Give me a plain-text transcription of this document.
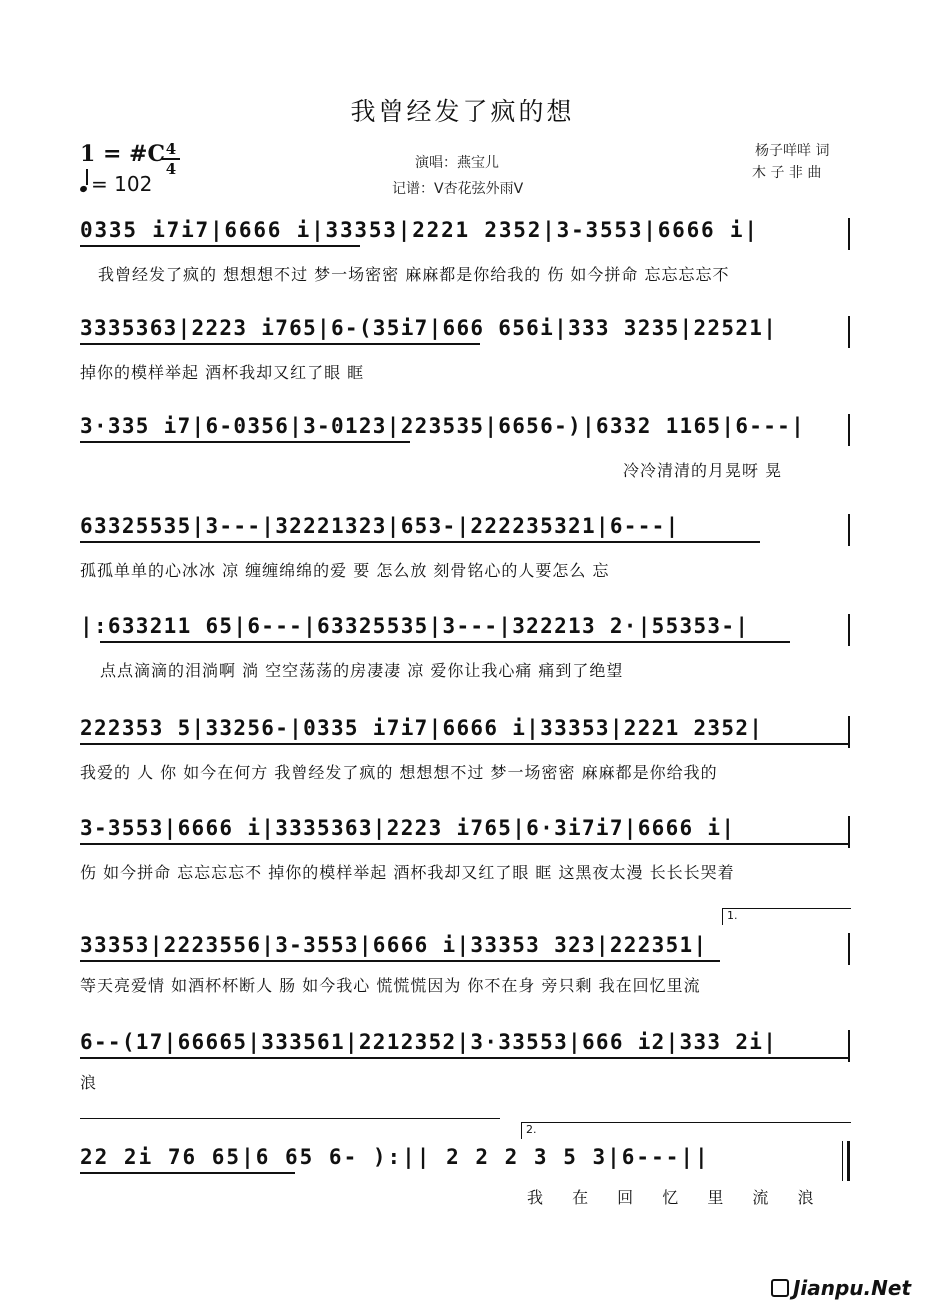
我曾经发了疯的想
1 = #C 4
4
= 102
演唱：燕宝儿
记谱：V杏花弦外雨V
杨子咩咩 词
木 子 非 曲
0335 i7i7|6666 i|33353|2221 2352|3-3553|6666 i|
我曾经发了疯的 想想想不过 梦一场密密 麻麻都是你给我的 伤 如今拼命 忘忘忘忘不
3335363|2223 i765|6-(35i7|666 656i|333 3235|22521|
掉你的模样举起 酒杯我却又红了眼 眶
3·335 i7|6-0356|3-0123|223535|6656-)|6332 1165|6---|
冷冷清清的月晃呀 晃
63325535|3---|32221323|653-|222235321|6---|
孤孤单单的心冰冰 凉 缠缠绵绵的爱 要 怎么放 刻骨铭心的人要怎么 忘
|:633211 65|6---|63325535|3---|322213 2·|55353-|
点点滴滴的泪淌啊 淌 空空荡荡的房凄凄 凉 爱你让我心痛 痛到了绝望
222353 5|33256-|0335 i7i7|6666 i|33353|2221 2352|
我爱的 人 你 如今在何方 我曾经发了疯的 想想想不过 梦一场密密 麻麻都是你给我的
3-3553|6666 i|3335363|2223 i765|6·3i7i7|6666 i|
伤 如今拼命 忘忘忘忘不 掉你的模样举起 酒杯我却又红了眼 眶 这黑夜太漫 长长长哭着
1.
33353|2223556|3-3553|6666 i|33353 323|222351|
等天亮爱情 如酒杯杯断人 肠 如今我心 慌慌慌因为 你不在身 旁只剩 我在回忆里流
6--(17|66665|333561|2212352|3·33553|666 i2|333 2i|
浪
2.
22 2i 76 65|6 65 6- ):|| 2 2 2 3 5 3|6---||
我 在 回 忆 里 流 浪
Jianpu.Net
